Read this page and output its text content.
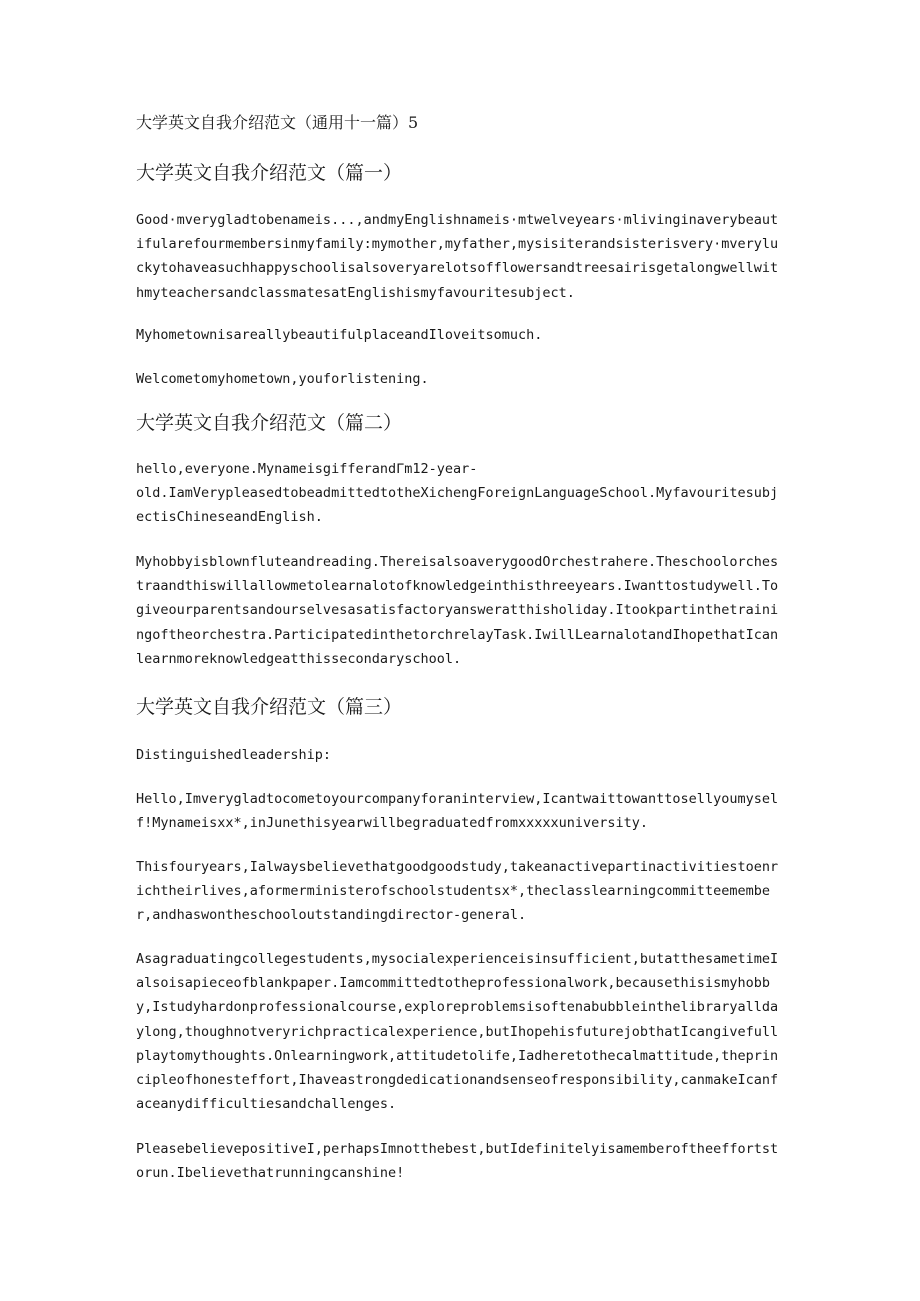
大学英文自我介绍范文（通用十一篇）5
大学英文自我介绍范文（篇一）
Good·mverygladtobenameis...,andmyEnglishnameis·mtwelveyears·mlivinginaverybeautifularefourmembersinmyfamily:mymother,myfather,mysisiterandsisterisvery·mveryluckytohaveasuchhappyschoolisalsoveryarelotsofflowersandtreesairisgetalongwellwithmyteachersandclassmatesatEnglishismyfavouritesubject.
MyhometownisareallybeautifulplaceandIloveitsomuch.
Welcometomyhometown,youforlistening.
大学英文自我介绍范文（篇二）
hello,everyone.MynameisgifferandΓm12-year-
old.IamVerypleasedtobeadmittedtotheXichengForeignLanguageSchool.MyfavouritesubjectisChineseandEnglish.
Myhobbyisblownfluteandreading.ThereisalsoaverygoodOrchestrahere.Theschoolorchestraandthiswillallowmetolearnalotofknowledgeinthisthreeyears.Iwanttostudywell.Togiveourparentsandourselvesasatisfactoryansweratthisholiday.Itookpartinthetrainingoftheorchestra.ParticipatedinthetorchrelayTask.IwillLearnalotandIhopethatIcanlearnmoreknowledgeatthissecondaryschool.
大学英文自我介绍范文（篇三）
Distinguishedleadership:
Hello,Imverygladtocometoyourcompanyforaninterview,Icantwaittowanttosellyoumyself!Mynameisxx*,inJunethisyearwillbegraduatedfromxxxxxuniversity.
Thisfouryears,Ialwaysbelievethatgoodgoodstudy,takeanactivepartinactivitiestoenrichtheirlives,aformerministerofschoolstudentsx*,theclasslearningcommitteemember,andhaswontheschooloutstandingdirector-general.
Asagraduatingcollegestudents,mysocialexperienceisinsufficient,butatthesametimeIalsoisapieceofblankpaper.Iamcommittedtotheprofessionalwork,becausethisismyhobby,Istudyhardonprofessionalcourse,exploreproblemsisoftenabubbleinthelibraryalldaylong,thoughnotveryrichpracticalexperience,butIhopehisfuturejobthatIcangivefullplaytomythoughts.Onlearningwork,attitudetolife,Iadheretothecalmattitude,theprincipleofhonesteffort,Ihaveastrongdedicationandsenseofresponsibility,canmakeIcanfaceanydifficultiesandchallenges.
PleasebelievepositiveI,perhapsImnotthebest,butIdefinitelyisamemberoftheeffortstorun.Ibelievethatrunningcanshine!
